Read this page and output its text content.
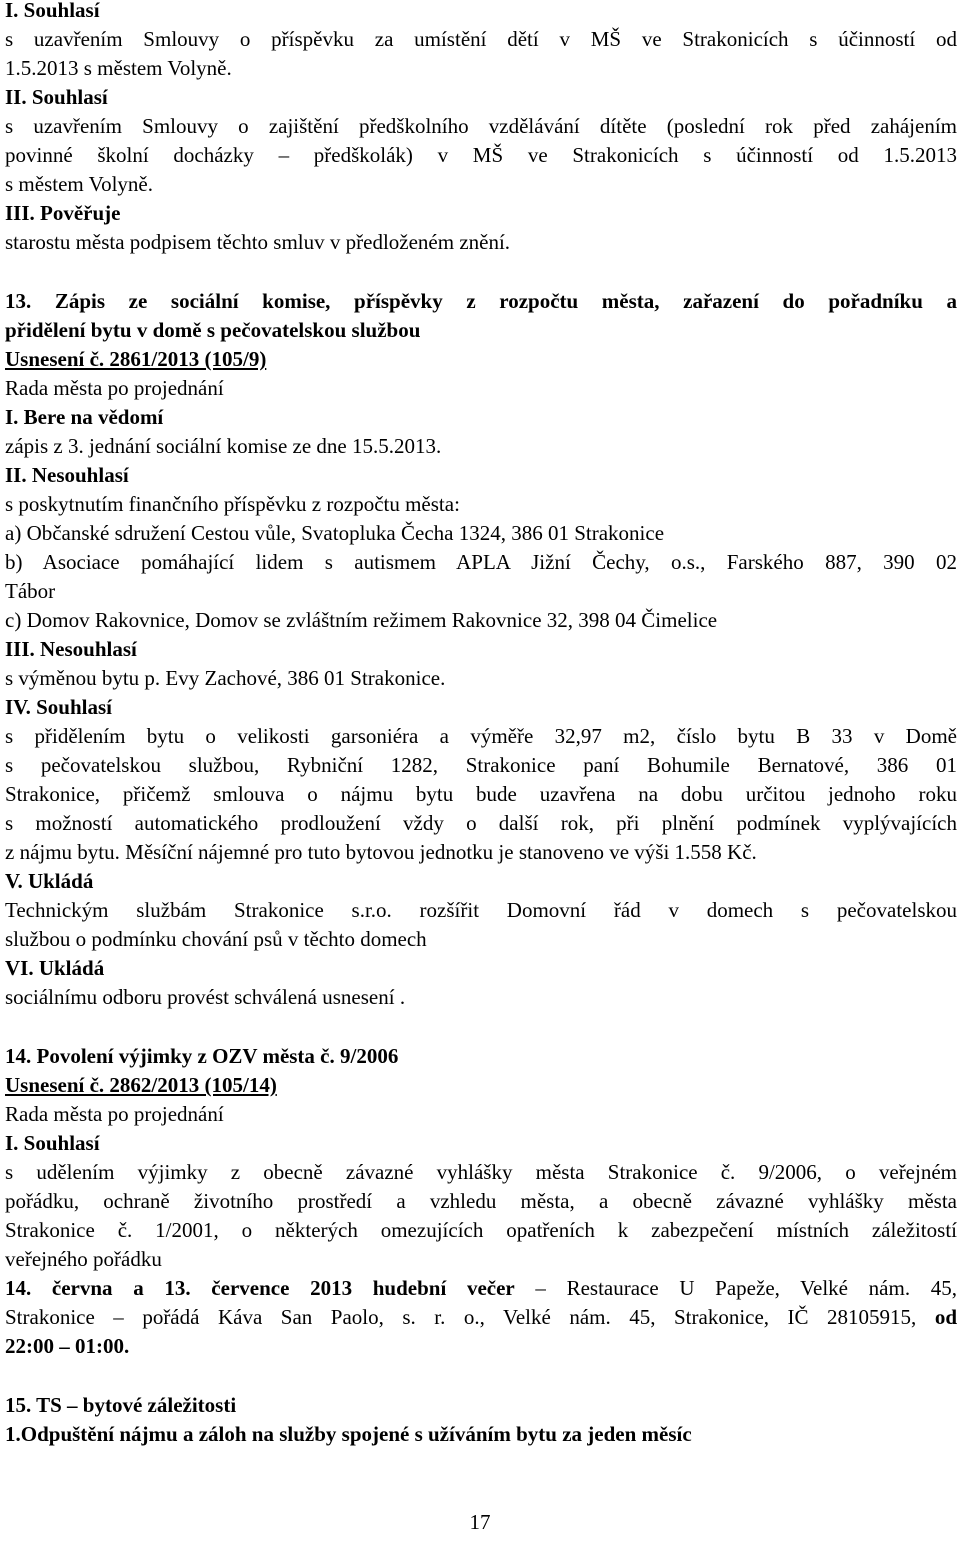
I. Souhlasí
s uzavřením Smlouvy o příspěvku za umístění dětí v MŠ ve Strakonicích s účinností od
1.5.2013 s městem Volyně.
II. Souhlasí
s uzavřením Smlouvy o zajištění předškolního vzdělávání dítěte (poslední rok před zahájením
povinné školní docházky – předškolák) v MŠ ve Strakonicích s účinností od 1.5.2013
s městem Volyně.
III. Pověřuje
starostu města podpisem těchto smluv v předloženém znění.
13. Zápis ze sociální komise, příspěvky z rozpočtu města, zařazení do pořadníku a
přidělení bytu v domě s pečovatelskou službou
Usnesení č. 2861/2013 (105/9)
Rada města po projednání
I. Bere na vědomí
zápis z 3. jednání sociální komise ze dne 15.5.2013.
II. Nesouhlasí
s poskytnutím finančního příspěvku z rozpočtu města:
a) Občanské sdružení Cestou vůle, Svatopluka Čecha 1324, 386 01 Strakonice
b) Asociace pomáhající lidem s autismem APLA Jižní Čechy, o.s., Farského 887, 390 02
Tábor
c) Domov Rakovnice, Domov se zvláštním režimem Rakovnice 32, 398 04 Čimelice
III. Nesouhlasí
s výměnou bytu p. Evy Zachové, 386 01 Strakonice.
IV. Souhlasí
s přidělením bytu o velikosti garsoniéra a výměře 32,97 m2, číslo bytu B 33 v Domě
s pečovatelskou službou, Rybniční 1282, Strakonice paní Bohumile Bernatové, 386 01
Strakonice, přičemž smlouva o nájmu bytu bude uzavřena na dobu určitou jednoho roku
s možností automatického prodloužení vždy o další rok, při plnění podmínek vyplývajících
z nájmu bytu. Měsíční nájemné pro tuto bytovou jednotku je stanoveno ve výši 1.558 Kč.
V. Ukládá
Technickým službám Strakonice s.r.o. rozšířit Domovní řád v domech s pečovatelskou
službou o podmínku chování psů v těchto domech
VI. Ukládá
sociálnímu odboru provést schválená usnesení .
14. Povolení výjimky z OZV města č. 9/2006
Usnesení č. 2862/2013 (105/14)
Rada města po projednání
I. Souhlasí
s udělením výjimky z obecně závazné vyhlášky města Strakonice č. 9/2006, o veřejném
pořádku, ochraně životního prostředí a vzhledu města, a obecně závazné vyhlášky města
Strakonice č. 1/2001, o některých omezujících opatřeních k zabezpečení místních záležitostí
veřejného pořádku
14. června a 13. července 2013 hudební večer – Restaurace U Papeže, Velké nám. 45,
Strakonice – pořádá Káva San Paolo, s. r. o., Velké nám. 45, Strakonice, IČ 28105915, od
22:00 – 01:00.
15. TS – bytové záležitosti
1.Odpuštění nájmu a záloh na služby spojené s užíváním bytu za jeden měsíc
17
